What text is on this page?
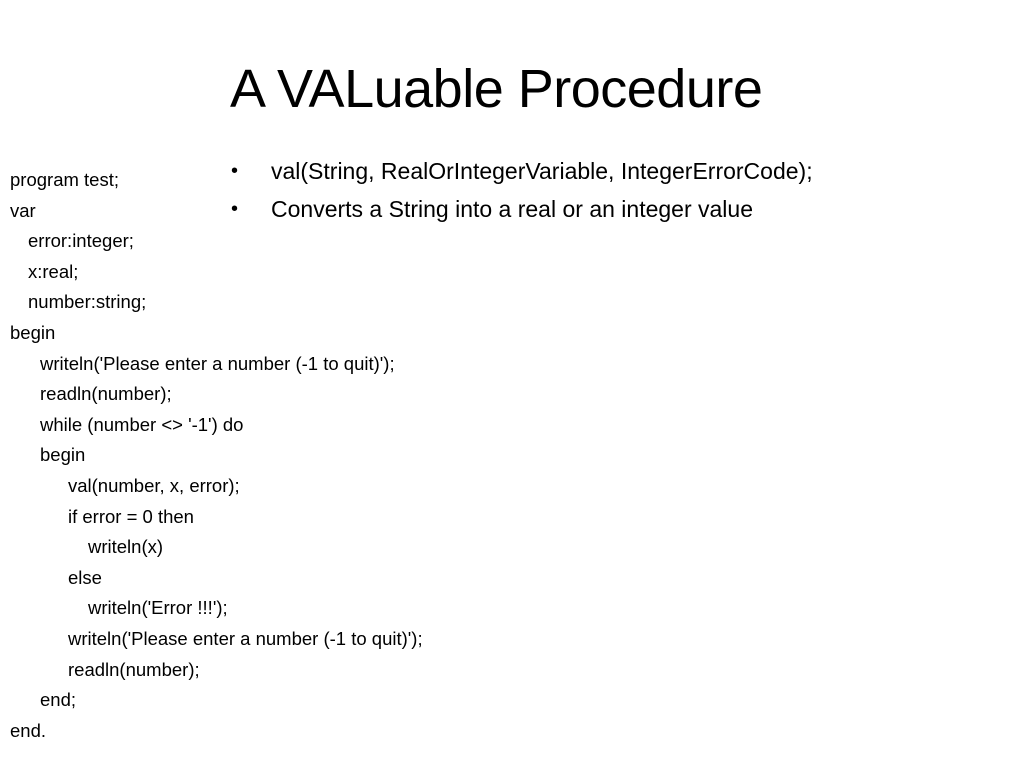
A VALuable Procedure
• val(String, RealOrIntegerVariable, IntegerErrorCode);
• Converts a String into a real or an integer value
program test;
var
error:integer;
x:real;
number:string;
begin
writeln('Please enter a number (-1 to quit)');
readln(number);
while (number <> '-1') do
begin
val(number, x, error);
if error = 0 then
writeln(x)
else
writeln('Error !!!');
writeln('Please enter a number (-1 to quit)');
readln(number);
end;
end.
